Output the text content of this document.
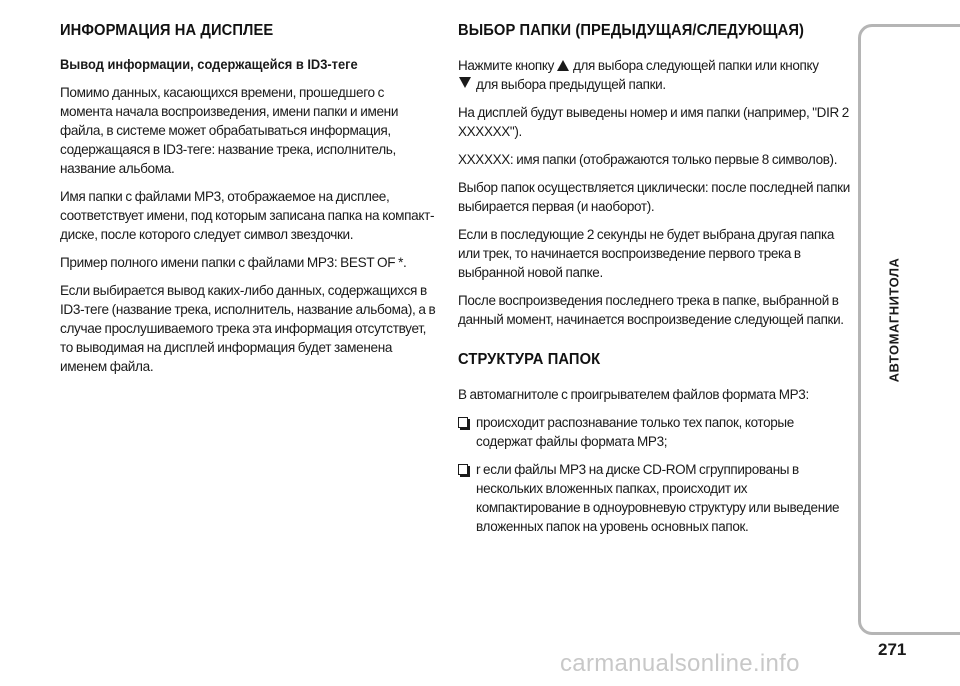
ИНФОРМАЦИЯ НА ДИСПЛЕЕ
Вывод информации, содержащейся в ID3-теге

Помимо данных, касающихся времени, прошедшего с момента начала воспроизведения, имени папки и имени файла, в системе может обрабатываться информация, содержащаяся в ID3-теге: название трека, исполнитель, название альбома.

Имя папки с файлами MP3, отображаемое на дисплее, соответствует имени, под которым записана папка на компакт-диске, после которого следует символ звездочки.

Пример полного имени папки с файлами MP3: BEST OF *.

Если выбирается вывод каких-либо данных, содержащихся в ID3-теге (название трека, исполнитель, название альбома), а в случае прослушиваемого трека эта информация отсутствует, то выводимая на дисплей информация будет заменена именем файла.

ВЫБОР ПАПКИ (ПРЕДЫДУЩАЯ/СЛЕДУЮЩАЯ)

Нажмите кнопку для выбора следующей папки или кнопку
для выбора предыдущей папки.

На дисплей будут выведены номер и имя папки (например, "DIR 2 XXXXXX").

XXXXXX: имя папки (отображаются только первые 8 символов).

Выбор папок осуществляется циклически: после последней папки выбирается первая (и наоборот).

Если в последующие 2 секунды не будет выбрана другая папка или трек, то начинается воспроизведение первого трека в выбранной новой папке.

После воспроизведения последнего трека в папке, выбранной в данный момент, начинается воспроизведение следующей папки.

СТРУКТУРА ПАПОК

В автомагнитоле с проигрывателем файлов формата MP3:

происходит распознавание только тех папок, которые содержат файлы формата MP3;
r если файлы MP3 на диске CD-ROM сгруппированы в нескольких вложенных папках, происходит их компактирование в одноуровневую структуру или выведение вложенных папок на уровень основных папок.
АВТОМАГНИТОЛА
271
carmanualsonline.info
